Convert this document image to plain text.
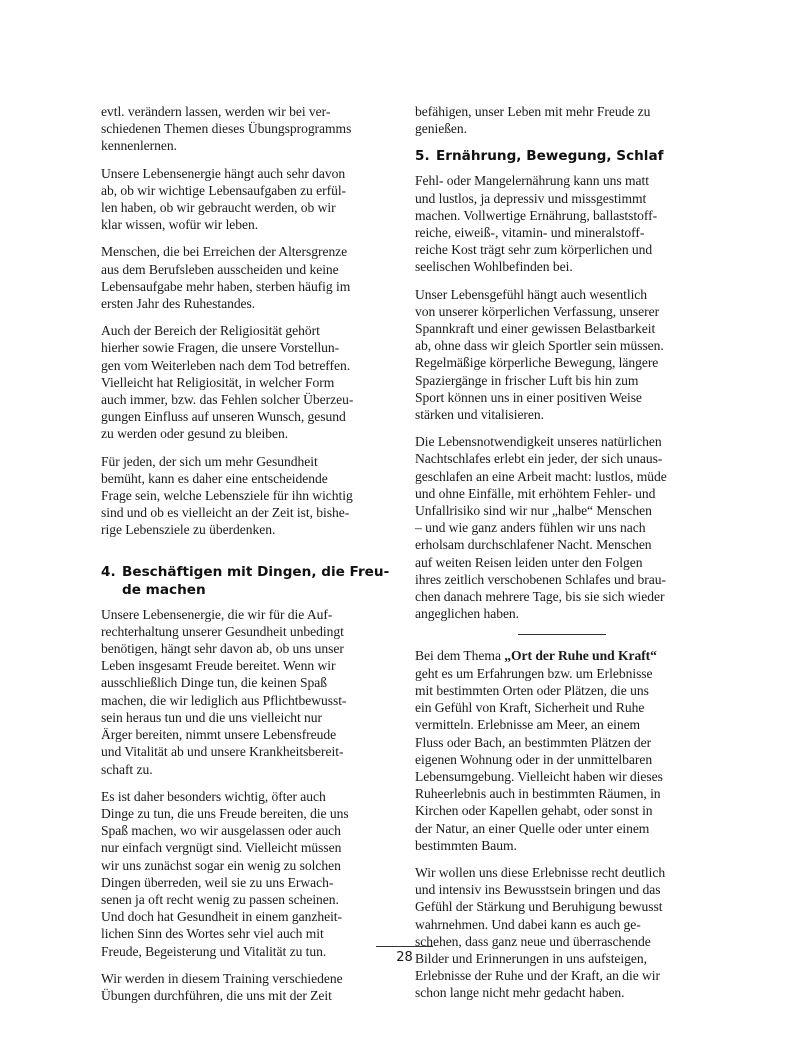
evtl. verändern lassen, werden wir bei ver-
schiedenen Themen dieses Übungsprogramms
kennenlernen.

Unsere Lebensenergie hängt auch sehr davon
ab, ob wir wichtige Lebensaufgaben zu erfül-
len haben, ob wir gebraucht werden, ob wir
klar wissen, wofür wir leben.

Menschen, die bei Erreichen der Altersgrenze
aus dem Berufsleben ausscheiden und keine
Lebensaufgabe mehr haben, sterben häufig im
ersten Jahr des Ruhestandes.

Auch der Bereich der Religiosität gehört
hierher sowie Fragen, die unsere Vorstellun-
gen vom Weiterleben nach dem Tod betreffen.
Vielleicht hat Religiosität, in welcher Form
auch immer, bzw. das Fehlen solcher Überzeu-
gungen Einfluss auf unseren Wunsch, gesund
zu werden oder gesund zu bleiben.

Für jeden, der sich um mehr Gesundheit
bemüht, kann es daher eine entscheidende
Frage sein, welche Lebensziele für ihn wichtig
sind und ob es vielleicht an der Zeit ist, bishe-
rige Lebensziele zu überdenken.

4. Beschäftigen mit Dingen, die Freu-
de machen

Unsere Lebensenergie, die wir für die Auf-
rechterhaltung unserer Gesundheit unbedingt
benötigen, hängt sehr davon ab, ob uns unser
Leben insgesamt Freude bereitet. Wenn wir
ausschließlich Dinge tun, die keinen Spaß
machen, die wir lediglich aus Pflichtbewusst-
sein heraus tun und die uns vielleicht nur
Ärger bereiten, nimmt unsere Lebensfreude
und Vitalität ab und unsere Krankheitsbereit-
schaft zu.

Es ist daher besonders wichtig, öfter auch
Dinge zu tun, die uns Freude bereiten, die uns
Spaß machen, wo wir ausgelassen oder auch
nur einfach vergnügt sind. Vielleicht müssen
wir uns zunächst sogar ein wenig zu solchen
Dingen überreden, weil sie zu uns Erwach-
senen ja oft recht wenig zu passen scheinen.
Und doch hat Gesundheit in einem ganzheit-
lichen Sinn des Wortes sehr viel auch mit
Freude, Begeisterung und Vitalität zu tun.

Wir werden in diesem Training verschiedene
Übungen durchführen, die uns mit der Zeit

befähigen, unser Leben mit mehr Freude zu
genießen.

5. Ernährung, Bewegung, Schlaf

Fehl- oder Mangelernährung kann uns matt
und lustlos, ja depressiv und missgestimmt
machen. Vollwertige Ernährung, ballaststoff-
reiche, eiweiß-, vitamin- und mineralstoff-
reiche Kost trägt sehr zum körperlichen und
seelischen Wohlbefinden bei.

Unser Lebensgefühl hängt auch wesentlich
von unserer körperlichen Verfassung, unserer
Spannkraft und einer gewissen Belastbarkeit
ab, ohne dass wir gleich Sportler sein müssen.
Regelmäßige körperliche Bewegung, längere
Spaziergänge in frischer Luft bis hin zum
Sport können uns in einer positiven Weise
stärken und vitalisieren.

Die Lebensnotwendigkeit unseres natürlichen
Nachtschlafes erlebt ein jeder, der sich unaus-
geschlafen an eine Arbeit macht: lustlos, müde
und ohne Einfälle, mit erhöhtem Fehler- und
Unfallrisiko sind wir nur „halbe“ Menschen
– und wie ganz anders fühlen wir uns nach
erholsam durchschlafener Nacht. Menschen
auf weiten Reisen leiden unter den Folgen
ihres zeitlich verschobenen Schlafes und brau-
chen danach mehrere Tage, bis sie sich wieder
angeglichen haben.

Bei dem Thema „Ort der Ruhe und Kraft“
geht es um Erfahrungen bzw. um Erlebnisse
mit bestimmten Orten oder Plätzen, die uns
ein Gefühl von Kraft, Sicherheit und Ruhe
vermitteln. Erlebnisse am Meer, an einem
Fluss oder Bach, an bestimmten Plätzen der
eigenen Wohnung oder in der unmittelbaren
Lebensumgebung. Vielleicht haben wir dieses
Ruheerlebnis auch in bestimmten Räumen, in
Kirchen oder Kapellen gehabt, oder sonst in
der Natur, an einer Quelle oder unter einem
bestimmten Baum.

Wir wollen uns diese Erlebnisse recht deutlich
und intensiv ins Bewusstsein bringen und das
Gefühl der Stärkung und Beruhigung bewusst
wahrnehmen. Und dabei kann es auch ge-
schehen, dass ganz neue und überraschende
Bilder und Erinnerungen in uns aufsteigen,
Erlebnisse der Ruhe und der Kraft, an die wir
schon lange nicht mehr gedacht haben.

28
